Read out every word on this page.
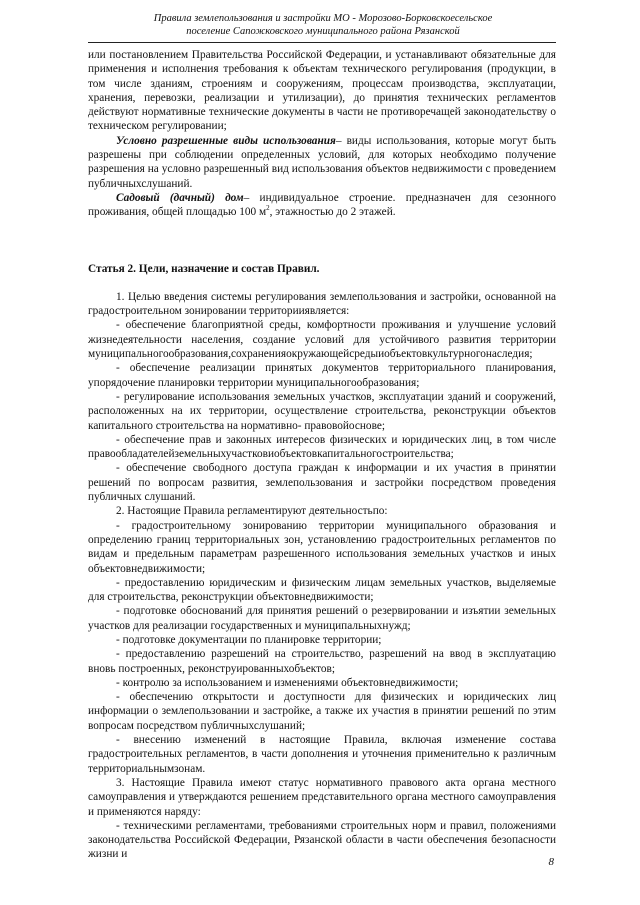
Правила землепользования и застройки МО - Морозово-Борковскоесельское
поселение Сапожковского муниципального района Рязанской

или постановлением Правительства Российской Федерации, и устанавливают обязательные для применения и исполнения требования к объектам технического регулирования (продукции, в том числе зданиям, строениям и сооружениям, процессам производства, эксплуатации, хранения, перевозки, реализации и утилизации), до принятия технических регламентов действуют нормативные технические документы в части не противоречащей законодательству о техническом регулировании;

Условно разрешенные виды использования– виды использования, которые могут быть разрешены при соблюдении определенных условий, для которых необходимо получение разрешения на условно разрешенный вид использования объектов недвижимости с проведением публичныхслушаний.

Садовый (дачный) дом– индивидуальное строение. предназначен для сезонного проживания, общей площадью 100 $м^2$, этажностью до 2 этажей.

Статья 2. Цели, назначение и состав Правил.

1. Целью введения системы регулирования землепользования и застройки, основанной на градостроительном зонировании территорииявляется:

- обеспечение благоприятной среды, комфортности проживания и улучшение условий жизнедеятельности населения, создание условий для устойчивого развития территории муниципальногообразования,сохраненияокружающейсредыиобъектовкультурногонаследия;

- обеспечение реализации принятых документов территориального планирования, упорядочение планировки территории муниципальногообразования;

- регулирование использования земельных участков, эксплуатации зданий и сооружений, расположенных на их территории, осуществление строительства, реконструкции объектов капитального строительства на нормативно- правовойоснове;

- обеспечение прав и законных интересов физических и юридических лиц, в том числе правообладателейземельныхучастковиобъектовкапитальногостроительства;

- обеспечение свободного доступа граждан к информации и их участия в принятии решений по вопросам развития, землепользования и застройки посредством проведения публичных слушаний.

2. Настоящие Правила регламентируют деятельностьпо:

- градостроительному зонированию территории муниципального образования и определению границ территориальных зон, установлению градостроительных регламентов по видам и предельным параметрам разрешенного использования земельных участков и иных объектовнедвижимости;

- предоставлению юридическим и физическим лицам земельных участков, выделяемые для строительства, реконструкции объектовнедвижимости;

- подготовке обоснований для принятия решений о резервировании и изъятии земельных участков для реализации государственных и муниципальныхнужд;

- подготовке документации по планировке территории;

- предоставлению разрешений на строительство, разрешений на ввод в эксплуатацию вновь построенных, реконструированныхобъектов;

- контролю за использованием и изменениями объектовнедвижимости;

- обеспечению открытости и доступности для физических и юридических лиц информации о землепользовании и застройке, а также их участия в принятии решений по этим вопросам посредством публичныхслушаний;

- внесению изменений в настоящие Правила, включая изменение состава градостроительных регламентов, в части дополнения и уточнения применительно к различным территориальнымзонам.

3. Настоящие Правила имеют статус нормативного правового акта органа местного самоуправления и утверждаются решением представительного органа местного самоуправления и применяются наряду:

- техническими регламентами, требованиями строительных норм и правил, положениями законодательства Российской Федерации, Рязанской области в части обеспечения безопасности жизни и

8
